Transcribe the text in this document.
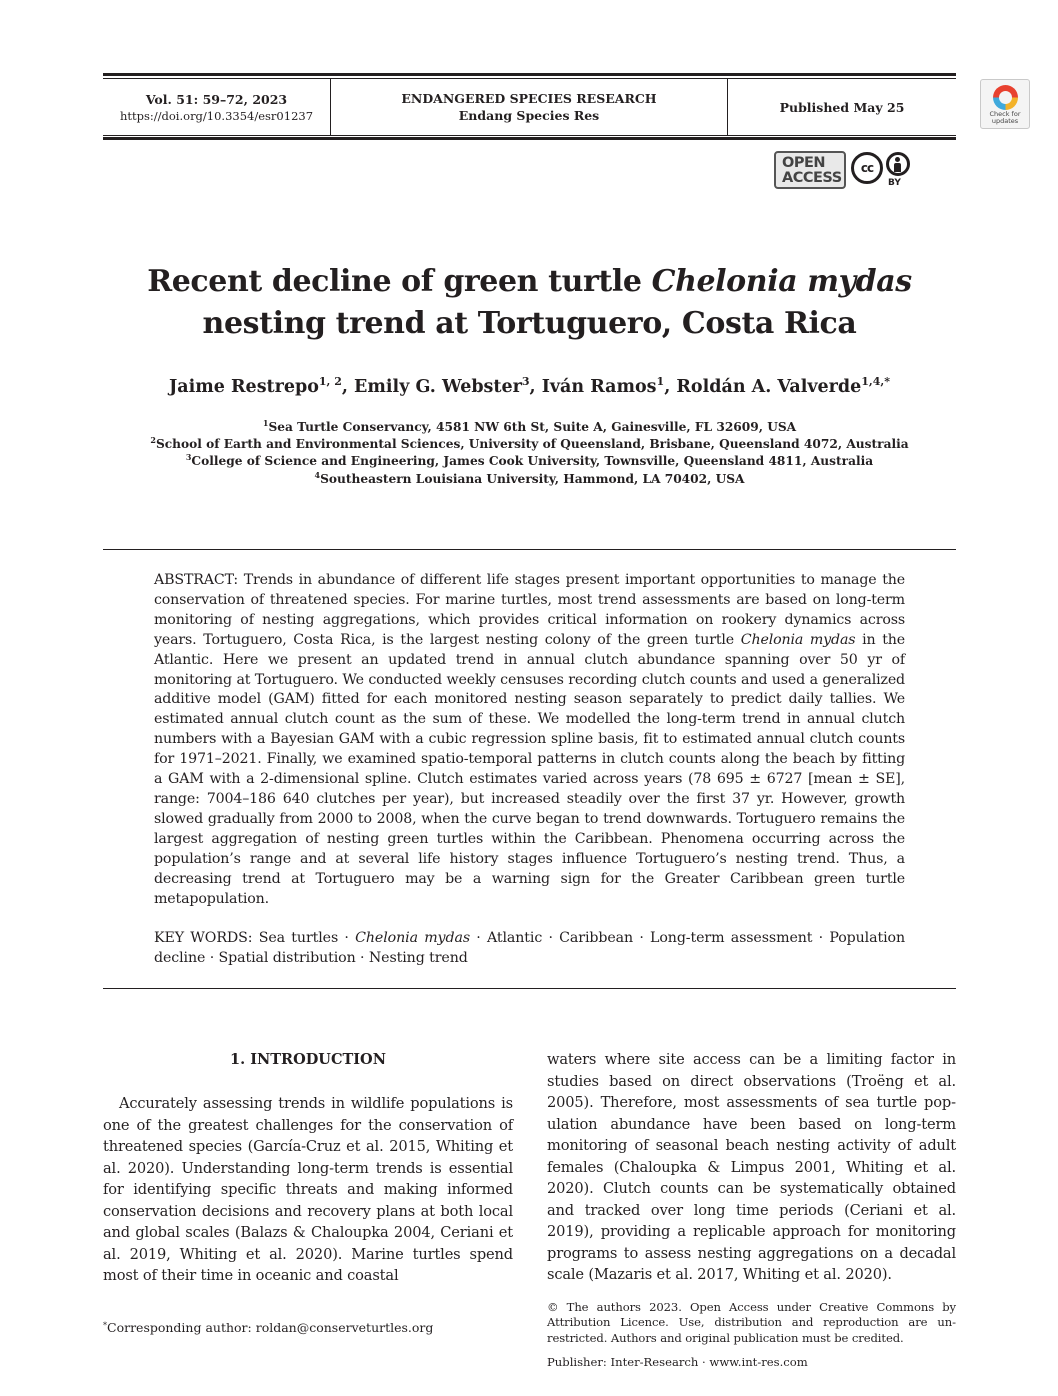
Vol. 51: 59–72, 2023
https://doi.org/10.3354/esr01237
ENDANGERED SPECIES RESEARCH
Endang Species Res
Published May 25	Check for
updates
OPEN
ACCESS
cc
BY
Recent decline of green turtle Chelonia mydas
nesting trend at Tortuguero, Costa Rica
Jaime Restrepo$^{1, 2}$, Emily G. Webster$^3$, Iván Ramos$^1$, Roldán A. Valverde$^{1,4,*}$
$^1$Sea Turtle Conservancy, 4581 NW 6th St, Suite A, Gainesville, FL 32609, USA
$^2$School of Earth and Environmental Sciences, University of Queensland, Brisbane, Queensland 4072, Australia
$^3$College of Science and Engineering, James Cook University, Townsville, Queensland 4811, Australia
$^4$Southeastern Louisiana University, Hammond, LA 70402, USA

ABSTRACT: Trends in abundance of different life stages present important opportunities to manage the conservation of threatened species. For marine turtles, most trend assessments are based on long-term monitoring of nesting aggregations, which provides critical information on rookery dynamics across years. Tortuguero, Costa Rica, is the largest nesting colony of the green turtle Chelonia mydas in the Atlantic. Here we present an updated trend in annual clutch abundance spanning over 50 yr of monitoring at Tortuguero. We conducted weekly censuses recording clutch counts and used a generalized additive model (GAM) fitted for each monitored nesting season separately to predict daily tallies. We estimated annual clutch count as the sum of these. We modelled the long-term trend in annual clutch numbers with a Bayesian GAM with a cubic regression spline basis, fit to estimated annual clutch counts for 1971–2021. Finally, we examined spatio-temporal patterns in clutch counts along the beach by fitting a GAM with a 2-dimensional spline. Clutch estimates varied across years (78 695 ± 6727 [mean ± SE], range: 7004–186 640 clutches per year), but increased steadily over the first 37 yr. However, growth slowed gradually from 2000 to 2008, when the curve began to trend downwards. Tortuguero remains the largest aggregation of nesting green turtles within the Caribbean. Phenomena occurring across the population’s range and at several life history stages influence Tortuguero’s nesting trend. Thus, a decreasing trend at Tortuguero may be a warning sign for the Greater Caribbean green turtle metapopulation.

KEY WORDS: Sea turtles · Chelonia mydas · Atlantic · Caribbean · Long-term assessment · Population decline · Spatial distribution · Nesting trend

1. INTRODUCTION

Accurately assessing trends in wildlife populations is one of the greatest challenges for the conservation of threatened species (García-Cruz et al. 2015, Whiting et al. 2020). Understanding long-term trends is essential for identifying specific threats and making informed conservation decisions and recovery plans at both local and global scales (Balazs & Chaloupka 2004, Ceriani et al. 2019, Whiting et al. 2020). Marine turtles spend most of their time in oceanic and coastal

waters where site access can be a limiting factor in studies based on direct observations (Troëng et al. 2005). Therefore, most assessments of sea turtle population abundance have been based on long-term monitoring of seasonal beach nesting activity of adult females (Chaloupka & Limpus 2001, Whiting et al. 2020). Clutch counts can be systematically obtained and tracked over long time periods (Ceriani et al. 2019), providing a replicable approach for monitoring programs to assess nesting aggregations on a decadal scale (Mazaris et al. 2017, Whiting et al. 2020).

*Corresponding author: roldan@conserveturtles.org

© The authors 2023. Open Access under Creative Commons by Attribution Licence. Use, distribution and reproduction are unrestricted. Authors and original publication must be credited.

Publisher: Inter-Research · www.int-res.com
